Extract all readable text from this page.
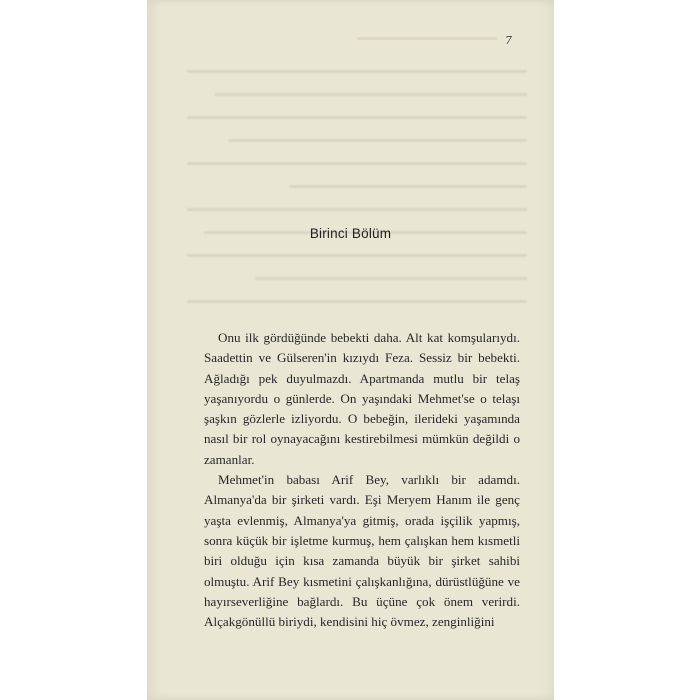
7
Birinci Bölüm

Onu ilk gördüğünde bebekti daha. Alt kat komşularıydı. Saadettin ve Gülseren'in kızıydı Feza. Sessiz bir bebekti. Ağladığı pek duyulmazdı. Apartmanda mutlu bir telaş yaşanıyordu o günlerde. On yaşındaki Mehmet'se o telaşı şaşkın gözlerle izliyordu. O bebeğin, ilerideki yaşamında nasıl bir rol oynayacağını kestirebilmesi mümkün değildi o zamanlar.

Mehmet'in babası Arif Bey, varlıklı bir adamdı. Almanya'da bir şirketi vardı. Eşi Meryem Hanım ile genç yaşta evlenmiş, Almanya'ya gitmiş, orada işçilik yapmış, sonra küçük bir işletme kurmuş, hem çalışkan hem kısmetli biri olduğu için kısa zamanda büyük bir şirket sahibi olmuştu. Arif Bey kısmetini çalışkanlığına, dürüstlüğüne ve hayırseverliğine bağlardı. Bu üçüne çok önem verirdi. Alçakgönüllü biriydi, kendisini hiç övmez, zenginliğini
